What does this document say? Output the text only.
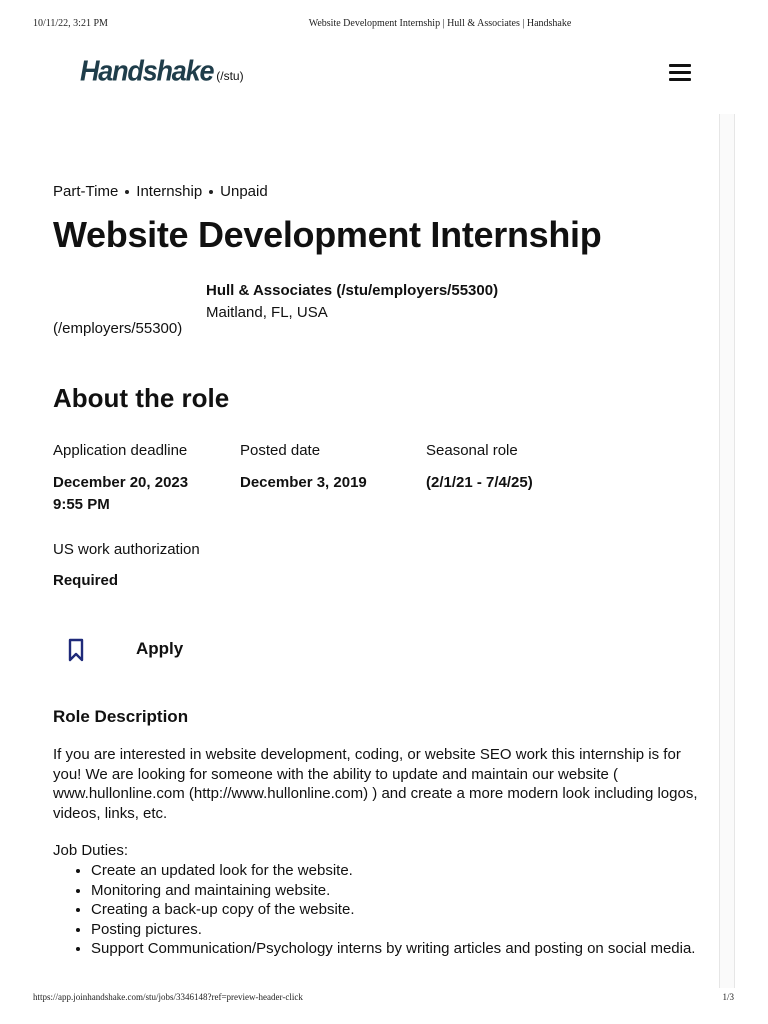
10/11/22, 3:21 PM	Website Development Internship | Hull & Associates | Handshake
Handshake (/stu)
Part-Time Internship Unpaid
Website Development Internship
Hull & Associates (/stu/employers/55300)
Maitland, FL, USA
(/employers/55300)
About the role
Application deadline
December 20, 2023
9:55 PM
Posted date
December 3, 2019
Seasonal role
(2/1/21 - 7/4/25)
US work authorization
Required
Apply
Role Description

If you are interested in website development, coding, or website SEO work this internship is for you! We are looking for someone with the ability to update and maintain our website ( www.hullonline.com (http://www.hullonline.com) ) and create a more modern look including logos, videos, links, etc.

Job Duties:
• Create an updated look for the website.
• Monitoring and maintaining website.
• Creating a back-up copy of the website.
• Posting pictures.
• Support Communication/Psychology interns by writing articles and posting on social media.
https://app.joinhandshake.com/stu/jobs/3346148?ref=preview-header-click	1/3
